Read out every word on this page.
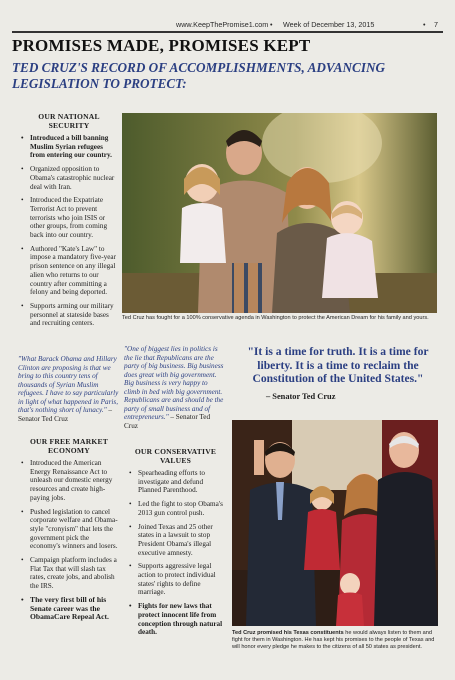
www.KeepThePromise1.com • Week of December 13, 2015	• 7
PROMISES MADE, PROMISES KEPT
TED CRUZ'S RECORD OF ACCOMPLISHMENTS, ADVANCING LEGISLATION TO PROTECT:
OUR NATIONAL SECURITY
• Introduced a bill banning Muslim Syrian refugees from entering our country.
• Organized opposition to Obama's catastrophic nuclear deal with Iran.
• Introduced the Expatriate Terrorist Act to prevent terrorists who join ISIS or other groups, from coming back into our country.
• Authored "Kate's Law" to impose a mandatory five-year prison sentence on any illegal alien who returns to our country after committing a felony and being deported.
• Supports arming our military personnel at stateside bases and recruiting centers.
"What Barack Obama and Hillary Clinton are proposing is that we bring to this country tens of thousands of Syrian Muslim refugees. I have to say particularly in light of what happened in Paris, that's nothing short of lunacy." – Senator Ted Cruz
OUR FREE MARKET ECONOMY
• Introduced the American Energy Renaissance Act to unleash our domestic energy resources and create high-paying jobs.
• Pushed legislation to cancel corporate welfare and Obama-style "cronyism" that lets the government pick the economy's winners and losers.
• Campaign platform includes a Flat Tax that will slash tax rates, create jobs, and abolish the IRS.
• The very first bill of his Senate career was the ObamaCare Repeal Act.
"One of biggest lies in politics is the lie that Republicans are the party of big business. Big business does great with big government. Big business is very happy to climb in bed with big government. Republicans are and should be the party of small business and of entrepreneurs." – Senator Ted Cruz
OUR CONSERVATIVE VALUES
• Spearheading efforts to investigate and defund Planned Parenthood.
• Led the fight to stop Obama's 2013 gun control push.
• Joined Texas and 25 other states in a lawsuit to stop President Obama's illegal executive amnesty.
• Supports aggressive legal action to protect individual states' rights to define marriage.
• Fights for new laws that protect innocent life from conception through natural death.
Ted Cruz has fought for a 100% conservative agenda in Washington to protect the American Dream for his family and yours.
"It is a time for truth. It is a time for liberty. It is a time to reclaim the Constitution of the United States."
– Senator Ted Cruz
Ted Cruz promised his Texas constituents he would always listen to them and fight for them in Washington. He has kept his promises to the people of Texas and will honor every pledge he makes to the citizens of all 50 states as president.
